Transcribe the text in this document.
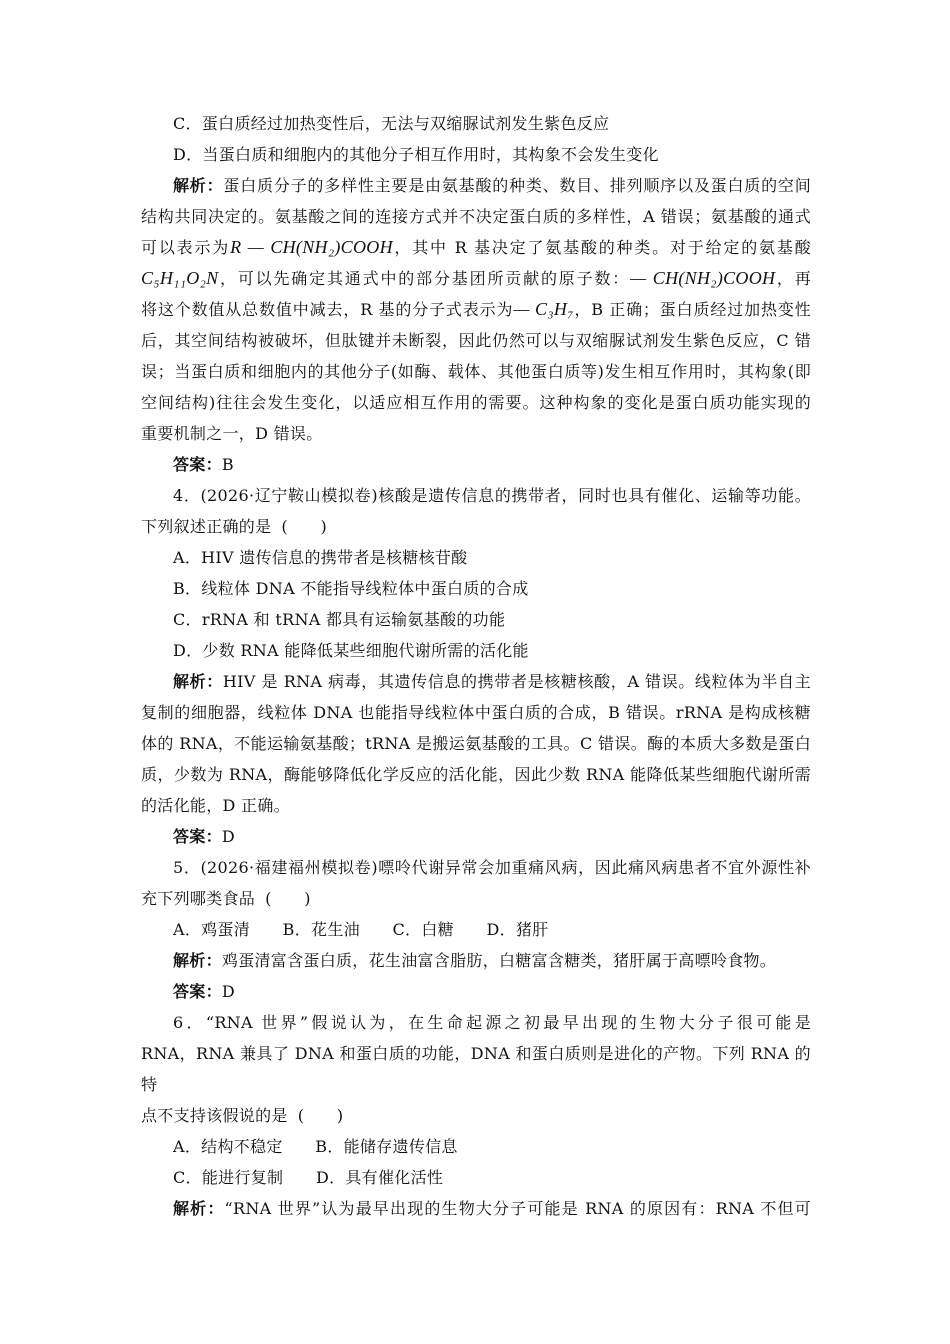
C．蛋白质经过加热变性后，无法与双缩脲试剂发生紫色反应

D．当蛋白质和细胞内的其他分子相互作用时，其构象不会发生变化

解析：蛋白质分子的多样性主要是由氨基酸的种类、数目、排列顺序以及蛋白质的空间

结构共同决定的。氨基酸之间的连接方式并不决定蛋白质的多样性，A 错误；氨基酸的通式

可以表示为R — CH(NH₂)COOH，其中 R 基决定了氨基酸的种类。对于给定的氨基酸

C₅H₁₁O₂N，可以先确定其通式中的部分基团所贡献的原子数：— CH(NH₂)COOH，再

将这个数值从总数值中减去，R 基的分子式表示为— C₃H₇，B 正确；蛋白质经过加热变性

后，其空间结构被破坏，但肽键并未断裂，因此仍然可以与双缩脲试剂发生紫色反应，C 错

误；当蛋白质和细胞内的其他分子(如酶、载体、其他蛋白质等)发生相互作用时，其构象(即

空间结构)往往会发生变化，以适应相互作用的需要。这种构象的变化是蛋白质功能实现的

重要机制之一，D 错误。

答案：B

4．(2026·辽宁鞍山模拟卷)核酸是遗传信息的携带者，同时也具有催化、运输等功能。

下列叙述正确的是 (　　)

A．HIV 遗传信息的携带者是核糖核苷酸

B．线粒体 DNA 不能指导线粒体中蛋白质的合成

C．rRNA 和 tRNA 都具有运输氨基酸的功能

D．少数 RNA 能降低某些细胞代谢所需的活化能

解析：HIV 是 RNA 病毒，其遗传信息的携带者是核糖核酸，A 错误。线粒体为半自主

复制的细胞器，线粒体 DNA 也能指导线粒体中蛋白质的合成，B 错误。rRNA 是构成核糖

体的 RNA，不能运输氨基酸；tRNA 是搬运氨基酸的工具。C 错误。酶的本质大多数是蛋白

质，少数为 RNA，酶能够降低化学反应的活化能，因此少数 RNA 能降低某些细胞代谢所需

的活化能，D 正确。

答案：D

5．(2026·福建福州模拟卷)嘌呤代谢异常会加重痛风病，因此痛风病患者不宜外源性补

充下列哪类食品 (　　)

A．鸡蛋清　　B．花生油　　C．白糖　　D．猪肝

解析：鸡蛋清富含蛋白质，花生油富含脂肪，白糖富含糖类，猪肝属于高嘌呤食物。

答案：D

6．“RNA 世界”假说认为，在生命起源之初最早出现的生物大分子很可能是

RNA，RNA 兼具了 DNA 和蛋白质的功能，DNA 和蛋白质则是进化的产物。下列 RNA 的特

点不支持该假说的是 (　　)

A．结构不稳定　　B．能储存遗传信息

C．能进行复制　　D．具有催化活性

解析：“RNA 世界”认为最早出现的生物大分子可能是 RNA 的原因有：RNA 不但可
